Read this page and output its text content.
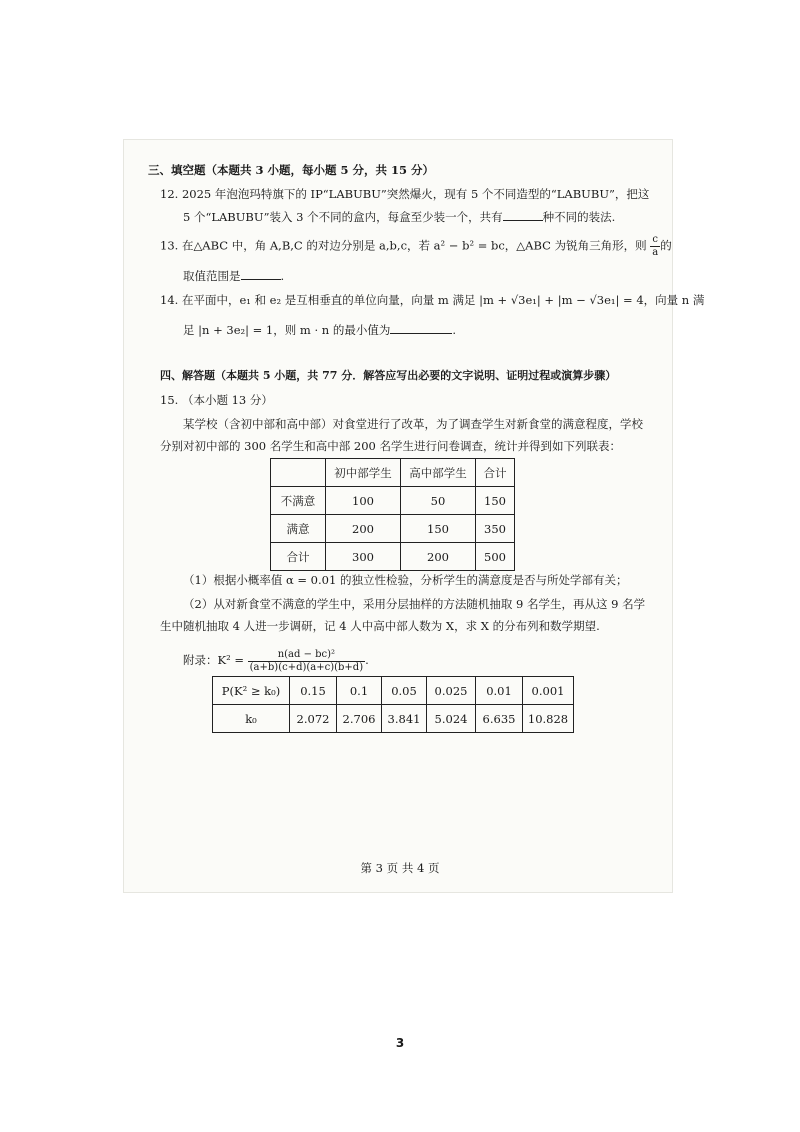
三、填空题（本题共 3 小题，每小题 5 分，共 15 分）
12. 2025 年泡泡玛特旗下的 IP“LABUBU”突然爆火，现有 5 个不同造型的“LABUBU”，把这
5 个“LABUBU”装入 3 个不同的盒内，每盒至少装一个，共有	种不同的装法.
13. 在△ABC 中，角 A,B,C 的对边分别是 a,b,c，若 a² − b² = bc，△ABC 为锐角三角形，则 $\frac{c}{a}$ 的
取值范围是	.
14. 在平面中，e₁ 和 e₂ 是互相垂直的单位向量，向量 m 满足 |m + √3e₁| + |m − √3e₁| = 4，向量 n 满
足 |n + 3e₂| = 1，则 m · n 的最小值为	.
四、解答题（本题共 5 小题，共 77 分．解答应写出必要的文字说明、证明过程或演算步骤）
15. （本小题 13 分）
某学校（含初中部和高中部）对食堂进行了改革，为了调查学生对新食堂的满意程度，学校
分别对初中部的 300 名学生和高中部 200 名学生进行问卷调查，统计并得到如下列联表：
	初中部学生	高中部学生	合计
不满意	100	50	150
满意	200	150	350
合计	300	200	500
（1）根据小概率值 α = 0.01 的独立性检验，分析学生的满意度是否与所处学部有关；
（2）从对新食堂不满意的学生中，采用分层抽样的方法随机抽取 9 名学生，再从这 9 名学
生中随机抽取 4 人进一步调研，记 4 人中高中部人数为 X，求 X 的分布列和数学期望.
附录：$K^2 = \frac{\text{n(ad − bc)²}}{(a+b)(c+d)(a+c)(b+d)}$ .
P(K² ≥ k₀)	0.15	0.1	0.05	0.025	0.01	0.001
k₀	2.072	2.706	3.841	5.024	6.635	10.828
第 3 页 共 4 页
3
